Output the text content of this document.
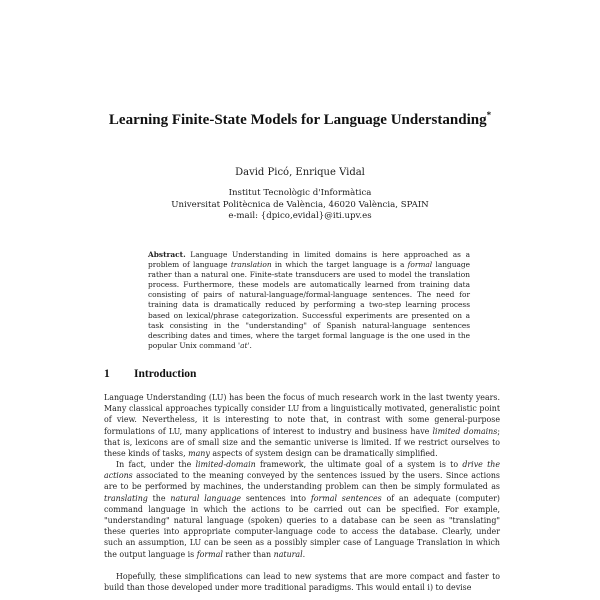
Learning Finite-State Models for Language Understanding*
David Picó, Enrique Vidal
Institut Tecnològic d'Informàtica
Universitat Politècnica de València, 46020 València, SPAIN
e-mail: {dpico,evidal}@iti.upv.es
Abstract. Language Understanding in limited domains is here approached as a problem of language translation in which the target language is a formal language rather than a natural one. Finite-state transducers are used to model the translation process. Furthermore, these models are automatically learned from training data consisting of pairs of natural-language/formal-language sentences. The need for training data is dramatically reduced by performing a two-step learning process based on lexical/phrase categorization. Successful experiments are presented on a task consisting in the "understanding" of Spanish natural-language sentences describing dates and times, where the target formal language is the one used in the popular Unix command 'at'.
1 Introduction
Language Understanding (LU) has been the focus of much research work in the last twenty years. Many classical approaches typically consider LU from a linguistically motivated, generalistic point of view. Nevertheless, it is interesting to note that, in contrast with some general-purpose formulations of LU, many applications of interest to industry and business have limited domains; that is, lexicons are of small size and the semantic universe is limited. If we restrict ourselves to these kinds of tasks, many aspects of system design can be dramatically simplified.
In fact, under the limited-domain framework, the ultimate goal of a system is to drive the actions associated to the meaning conveyed by the sentences issued by the users. Since actions are to be performed by machines, the understanding problem can then be simply formulated as translating the natural language sentences into formal sentences of an adequate (computer) command language in which the actions to be carried out can be specified. For example, "understanding" natural language (spoken) queries to a database can be seen as "translating" these queries into appropriate computer-language code to access the database. Clearly, under such an assumption, LU can be seen as a possibly simpler case of Language Translation in which the output language is formal rather than natural.
Hopefully, these simplifications can lead to new systems that are more compact and faster to build than those developed under more traditional paradigms. This would entail i) to devise
